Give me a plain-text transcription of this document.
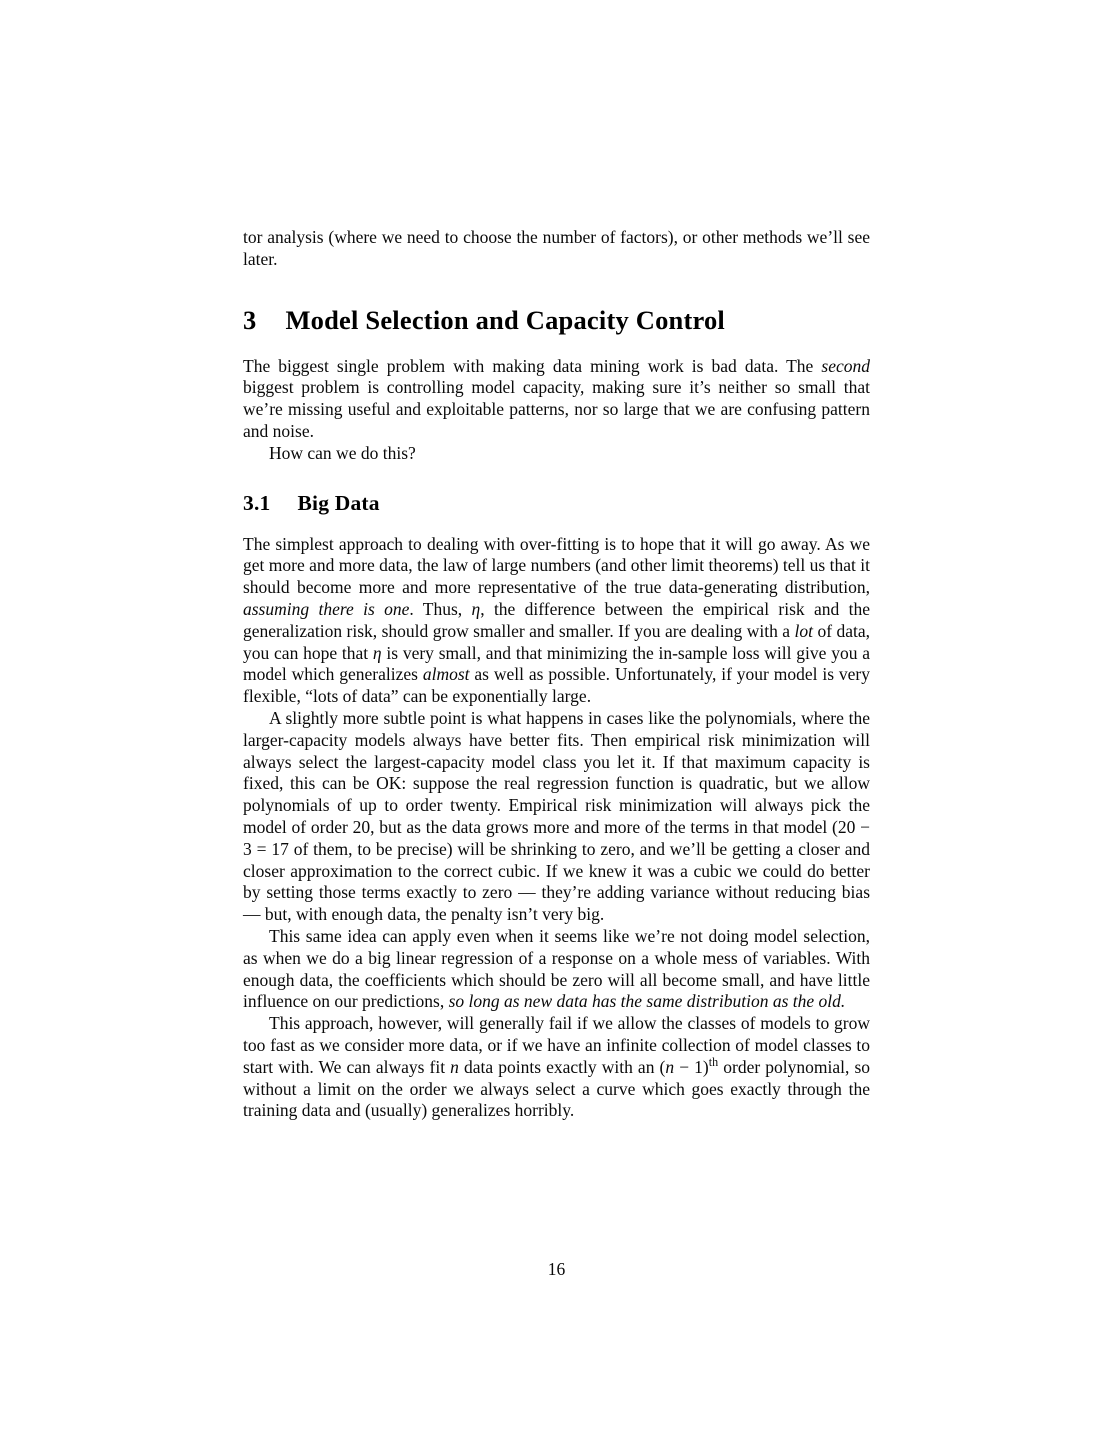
tor analysis (where we need to choose the number of factors), or other methods we’ll see later.

3 Model Selection and Capacity Control

The biggest single problem with making data mining work is bad data. The second biggest problem is controlling model capacity, making sure it’s neither so small that we’re missing useful and exploitable patterns, nor so large that we are confusing pattern and noise.

How can we do this?

3.1 Big Data

The simplest approach to dealing with over-fitting is to hope that it will go away. As we get more and more data, the law of large numbers (and other limit theorems) tell us that it should become more and more representative of the true data-generating distribution, assuming there is one. Thus, η, the difference between the empirical risk and the generalization risk, should grow smaller and smaller. If you are dealing with a lot of data, you can hope that η is very small, and that minimizing the in-sample loss will give you a model which generalizes almost as well as possible. Unfortunately, if your model is very flexible, “lots of data” can be exponentially large.

A slightly more subtle point is what happens in cases like the polynomials, where the larger-capacity models always have better fits. Then empirical risk minimization will always select the largest-capacity model class you let it. If that maximum capacity is fixed, this can be OK: suppose the real regression function is quadratic, but we allow polynomials of up to order twenty. Empirical risk minimization will always pick the model of order 20, but as the data grows more and more of the terms in that model (20 − 3 = 17 of them, to be precise) will be shrinking to zero, and we’ll be getting a closer and closer approximation to the correct cubic. If we knew it was a cubic we could do better by setting those terms exactly to zero — they’re adding variance without reducing bias — but, with enough data, the penalty isn’t very big.

This same idea can apply even when it seems like we’re not doing model selection, as when we do a big linear regression of a response on a whole mess of variables. With enough data, the coefficients which should be zero will all become small, and have little influence on our predictions, so long as new data has the same distribution as the old.

This approach, however, will generally fail if we allow the classes of models to grow too fast as we consider more data, or if we have an infinite collection of model classes to start with. We can always fit n data points exactly with an $(n - 1)^{th}$ order polynomial, so without a limit on the order we always select a curve which goes exactly through the training data and (usually) generalizes horribly.

16
